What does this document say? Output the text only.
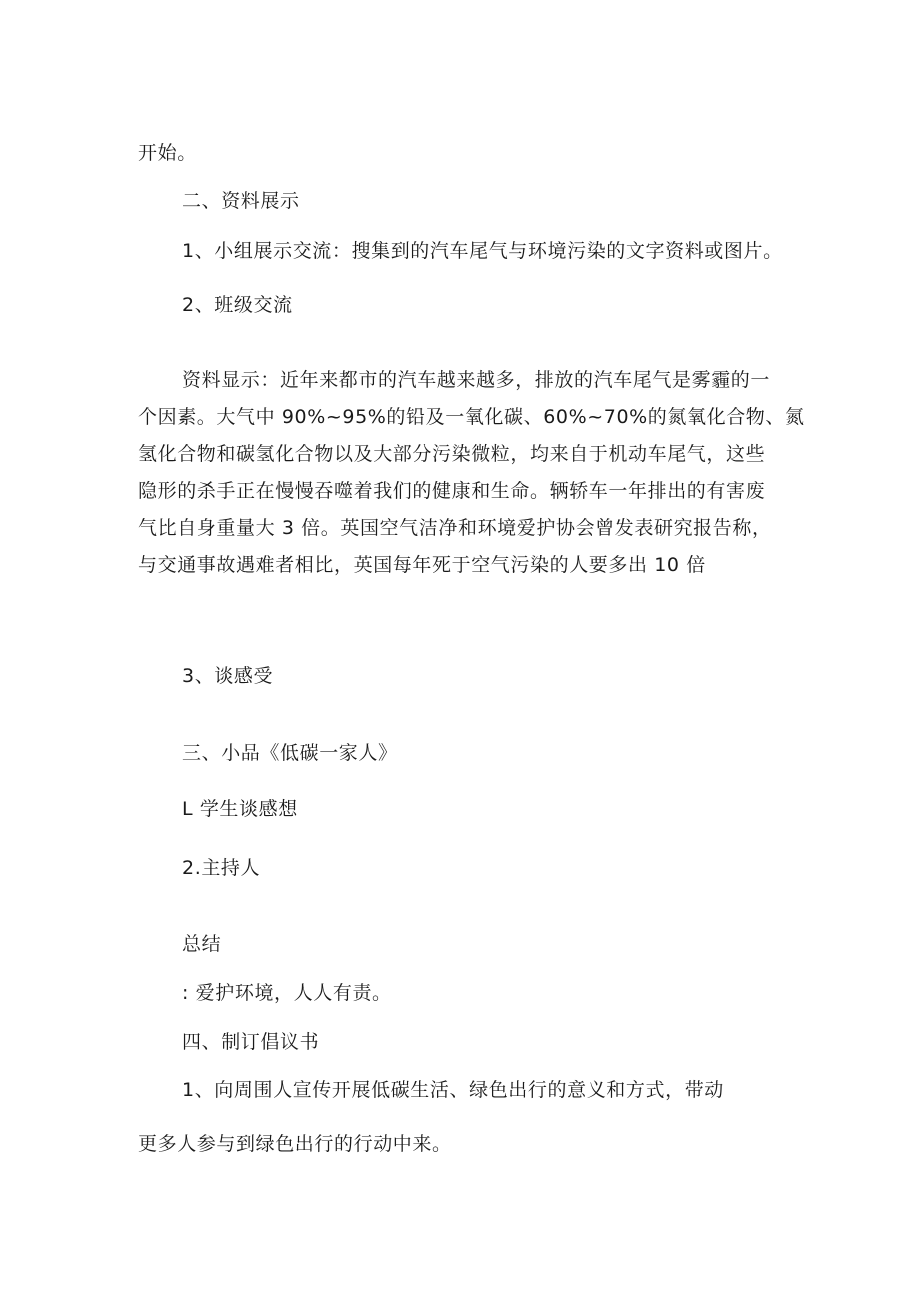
开始。
二、资料展示
1、小组展示交流：搜集到的汽车尾气与环境污染的文字资料或图片。
2、班级交流
资料显示：近年来都市的汽车越来越多，排放的汽车尾气是雾霾的一
个因素。大气中 90%~95%的铅及一氧化碳、60%~70%的氮氧化合物、氮
氢化合物和碳氢化合物以及大部分污染微粒，均来自于机动车尾气，这些
隐形的杀手正在慢慢吞噬着我们的健康和生命。辆轿车一年排出的有害废
气比自身重量大 3 倍。英国空气洁净和环境爱护协会曾发表研究报告称，
与交通事故遇难者相比，英国每年死于空气污染的人要多出 10 倍
3、谈感受
三、小品《低碳一家人》
L 学生谈感想
2.主持人
总结
: 爱护环境，人人有责。
四、制订倡议书
1、向周围人宣传开展低碳生活、绿色出行的意义和方式，带动
更多人参与到绿色出行的行动中来。
